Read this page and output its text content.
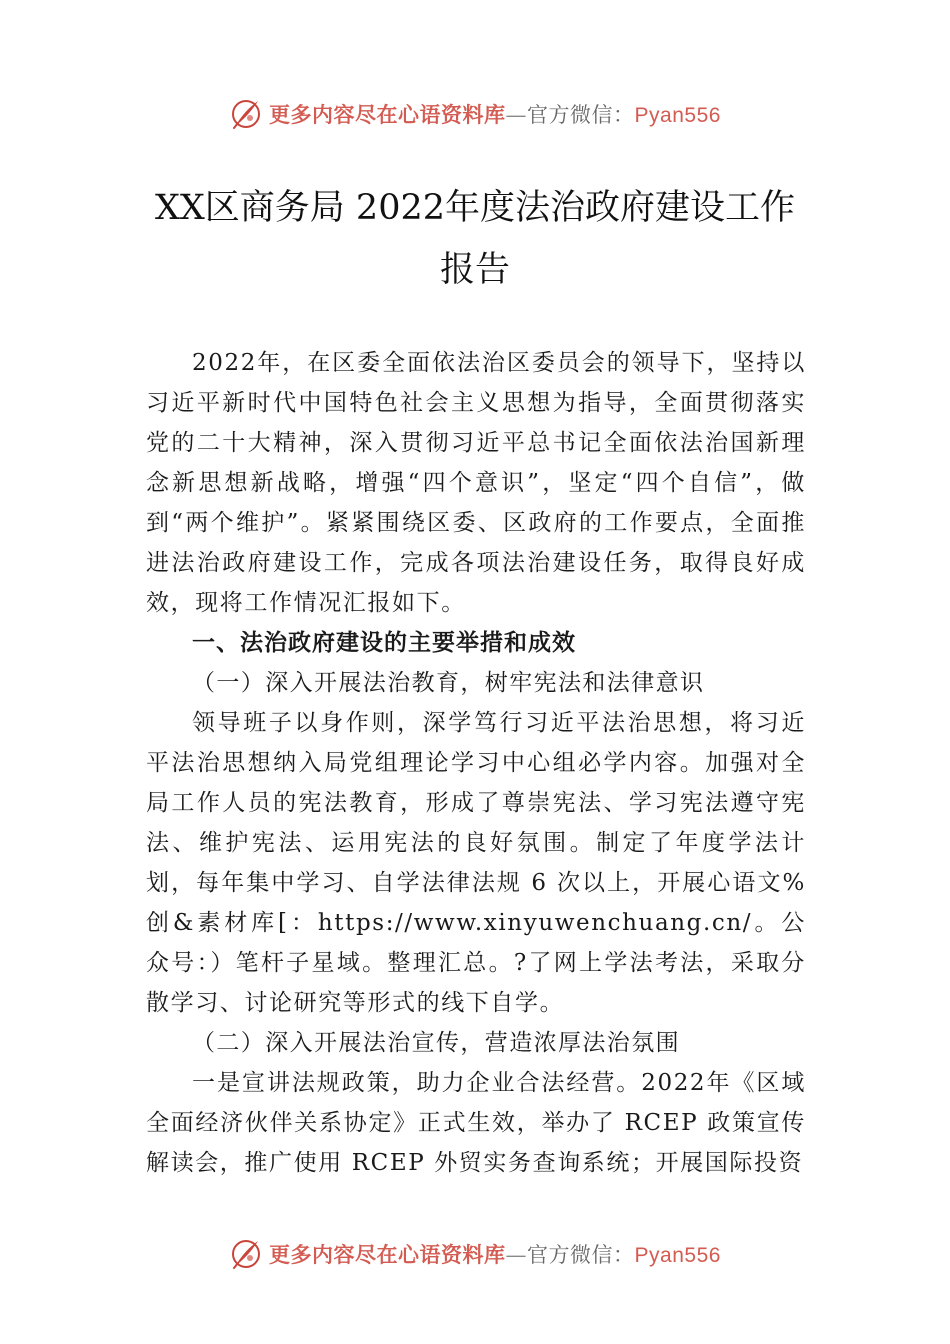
更多内容尽在心语资料库 — 官方微信： Pyan556
XX区商务局 2022年度法治政府建设工作
报告

2022年，在区委全面依法治区委员会的领导下，坚持以习近平新时代中国特色社会主义思想为指导，全面贯彻落实党的二十大精神，深入贯彻习近平总书记全面依法治国新理念新思想新战略，增强“四个意识”，坚定“四个自信”，做到“两个维护”。紧紧围绕区委、区政府的工作要点，全面推进法治政府建设工作，完成各项法治建设任务，取得良好成效，现将工作情况汇报如下。

一、法治政府建设的主要举措和成效

（一）深入开展法治教育，树牢宪法和法律意识

领导班子以身作则，深学笃行习近平法治思想，将习近平法治思想纳入局党组理论学习中心组必学内容。加强对全局工作人员的宪法教育，形成了尊崇宪法、学习宪法遵守宪法、维护宪法、运用宪法的良好氛围。制定了年度学法计划，每年集中学习、自学法律法规 6 次以上，开展心语文%创&素材库[：https://www.xinyuwenchuang.cn/。公众号：）笔杆子星域。整理汇总。?了网上学法考法，采取分散学习、讨论研究等形式的线下自学。

（二）深入开展法治宣传，营造浓厚法治氛围

一是宣讲法规政策，助力企业合法经营。2022年《区域全面经济伙伴关系协定》正式生效，举办了 RCEP 政策宣传解读会，推广使用 RCEP 外贸实务查询系统；开展国际投资

更多内容尽在心语资料库 — 官方微信： Pyan556
